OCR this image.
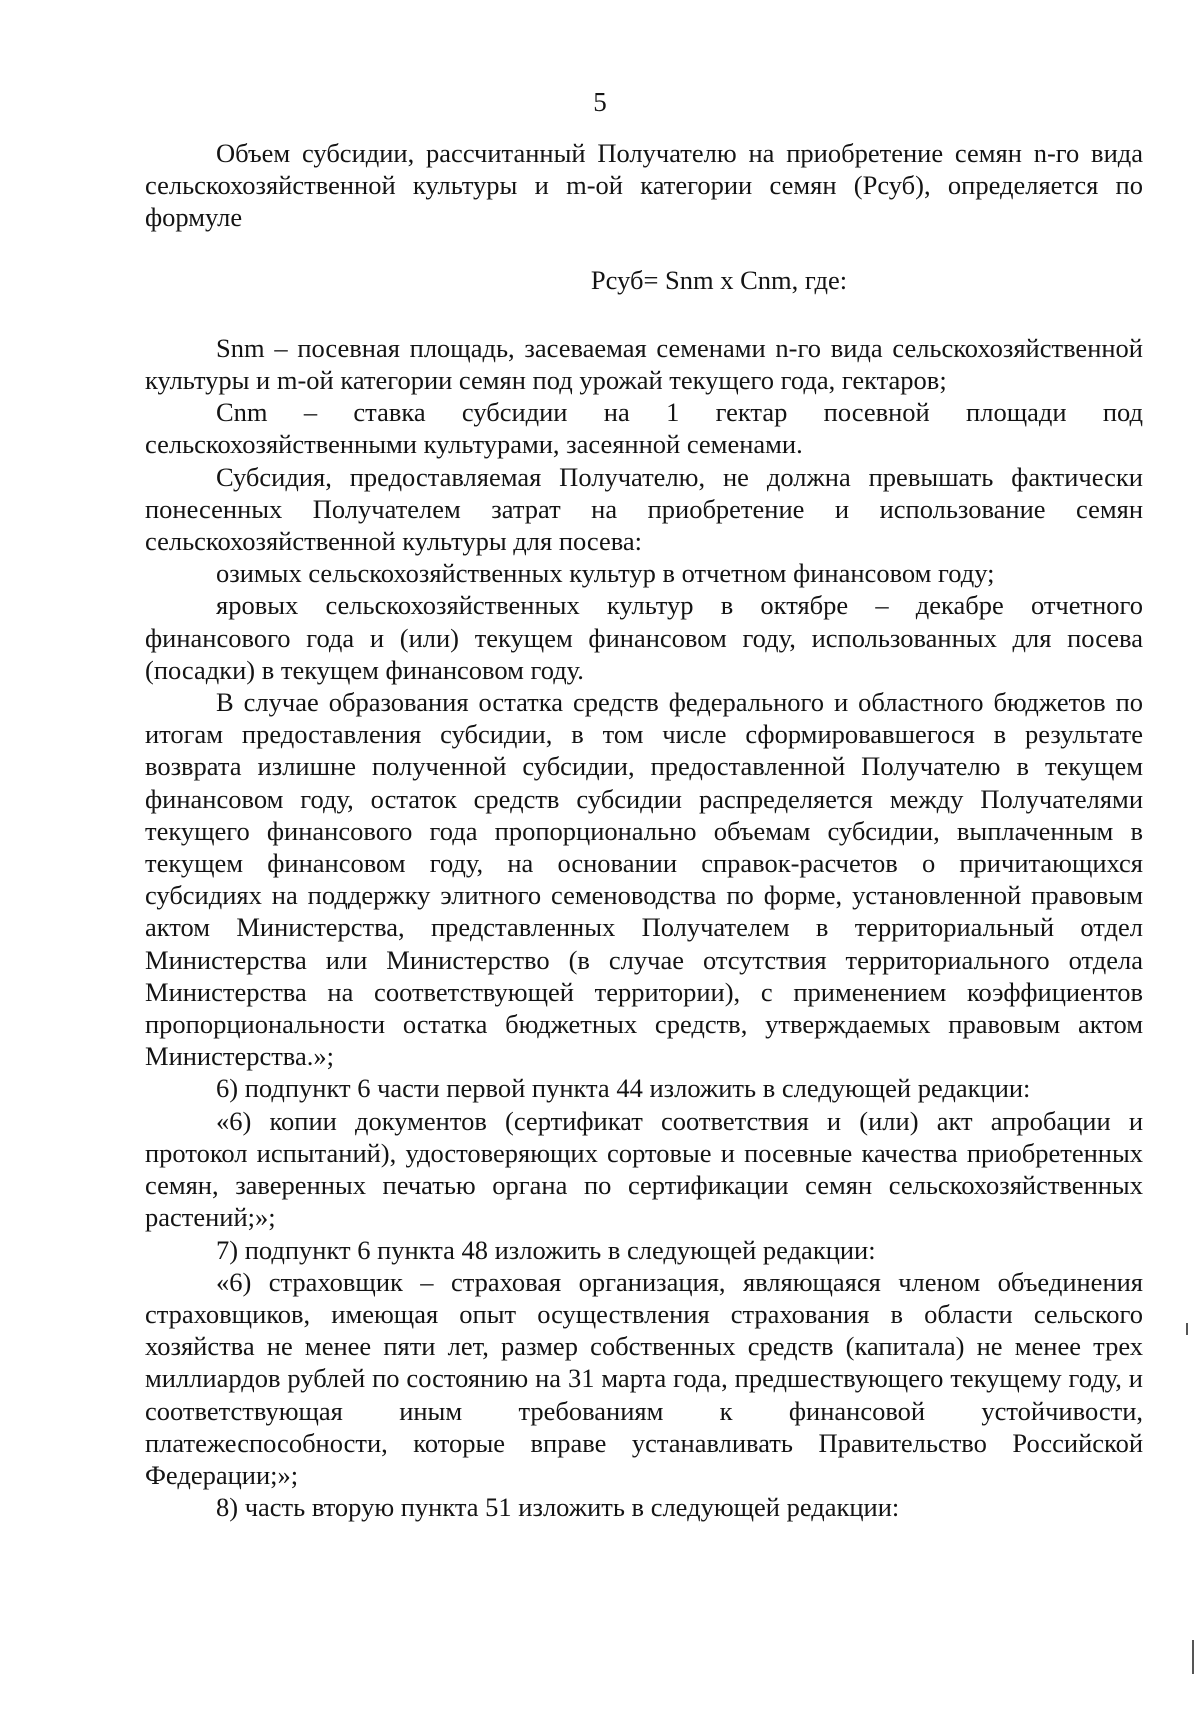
5

Объем субсидии, рассчитанный Получателю на приобретение семян n-го вида сельскохозяйственной культуры и m-ой категории семян (Рсуб), определяется по формуле

Рсуб= Snm x Cnm, где:

Snm – посевная площадь, засеваемая семенами n-го вида сельскохозяйственной культуры и m-ой категории семян под урожай текущего года, гектаров;

Cnm – ставка субсидии на 1 гектар посевной площади под сельскохозяйственными культурами, засеянной семенами.

Субсидия, предоставляемая Получателю, не должна превышать фактически понесенных Получателем затрат на приобретение и использование семян сельскохозяйственной культуры для посева:

озимых сельскохозяйственных культур в отчетном финансовом году;

яровых сельскохозяйственных культур в октябре – декабре отчетного финансового года и (или) текущем финансовом году, использованных для посева (посадки) в текущем финансовом году.

В случае образования остатка средств федерального и областного бюджетов по итогам предоставления субсидии, в том числе сформировавшегося в результате возврата излишне полученной субсидии, предоставленной Получателю в текущем финансовом году, остаток средств субсидии распределяется между Получателями текущего финансового года пропорционально объемам субсидии, выплаченным в текущем финансовом году, на основании справок-расчетов о причитающихся субсидиях на поддержку элитного семеноводства по форме, установленной правовым актом Министерства, представленных Получателем в территориальный отдел Министерства или Министерство (в случае отсутствия территориального отдела Министерства на соответствующей территории), с применением коэффициентов пропорциональности остатка бюджетных средств, утверждаемых правовым актом Министерства.»;

6) подпункт 6 части первой пункта 44 изложить в следующей редакции:

«6) копии документов (сертификат соответствия и (или) акт апробации и протокол испытаний), удостоверяющих сортовые и посевные качества приобретенных семян, заверенных печатью органа по сертификации семян сельскохозяйственных растений;»;

7) подпункт 6 пункта 48 изложить в следующей редакции:

«6) страховщик – страховая организация, являющаяся членом объединения страховщиков, имеющая опыт осуществления страхования в области сельского хозяйства не менее пяти лет, размер собственных средств (капитала) не менее трех миллиардов рублей по состоянию на 31 марта года, предшествующего текущему году, и соответствующая иным требованиям к финансовой устойчивости, платежеспособности, которые вправе устанавливать Правительство Российской Федерации;»;

8) часть вторую пункта 51 изложить в следующей редакции:
